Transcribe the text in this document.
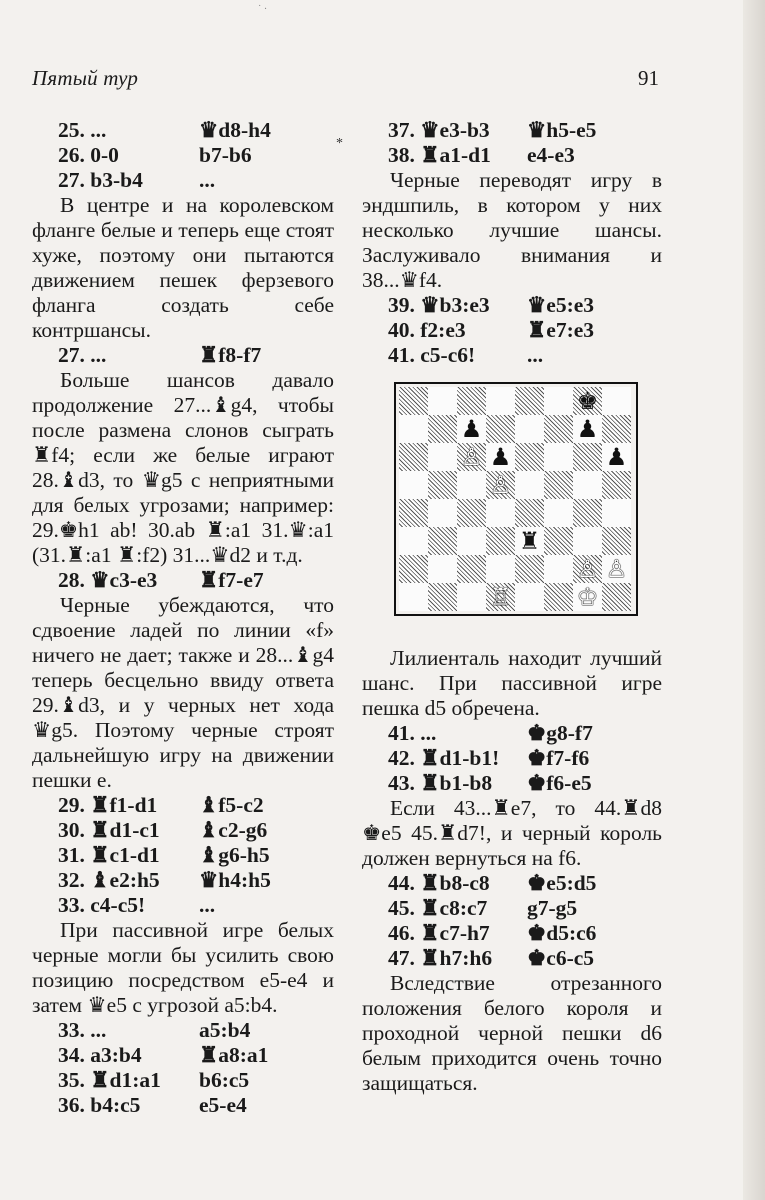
˙ ·
*
Пятый тур	91
25. ...	♛d8-h4
26. 0-0	b7-b6
27. b3-b4	...

В центре и на королевском фланге белые и теперь еще стоят хуже, поэтому они пытаются движением пешек ферзевого фланга создать себе контршансы.

27. ...	♜f8-f7

Больше шансов давало продолжение 27...♝g4, чтобы после размена слонов сыграть ♜f4; если же белые играют 28.♝d3, то ♛g5 с неприятными для белых угрозами; например: 29.♚h1 ab! 30.ab ♜:a1 31.♛:a1 (31.♜:a1 ♜:f2) 31...♛d2 и т.д.

28. ♛c3-e3	♜f7-e7

Черные убеждаются, что сдвоение ладей по линии «f» ничего не дает; также и 28...♝g4 теперь бесцельно ввиду ответа 29.♝d3, и у черных нет хода ♛g5. Поэтому черные строят дальнейшую игру на движении пешки e.

29. ♜f1-d1	♝f5-c2
30. ♜d1-c1	♝c2-g6
31. ♜c1-d1	♝g6-h5
32. ♝e2:h5	♛h4:h5
33. c4-c5!	...

При пассивной игре белых черные могли бы усилить свою позицию посредством e5-e4 и затем ♛e5 с угрозой a5:b4.

33. ...	a5:b4
34. a3:b4	♜a8:a1
35. ♜d1:a1	b6:c5
36. b4:c5	e5-e4
37. ♛e3-b3	♛h5-e5
38. ♜a1-d1	e4-e3

Черные переводят игру в эндшпиль, в котором у них несколько лучшие шансы. Заслуживало внимания и 38...♛f4.

39. ♛b3:e3	♛e5:e3
40. f2:e3	♜e7:e3
41. c5-c6!	...
♚
♟	♟
♙ ♟	♟
♙
♜
♙ ♙
♖	♔

Лилиенталь находит лучший шанс. При пассивной игре пешка d5 обречена.

41. ...	♚g8-f7
42. ♜d1-b1!	♚f7-f6
43. ♜b1-b8	♚f6-e5

Если 43...♜e7, то 44.♜d8 ♚e5 45.♜d7!, и черный король должен вернуться на f6.

44. ♜b8-c8	♚e5:d5
45. ♜c8:c7	g7-g5
46. ♜c7-h7	♚d5:c6
47. ♜h7:h6	♚c6-c5

Вследствие отрезанного положения белого короля и проходной черной пешки d6 белым приходится очень точно защищаться.
